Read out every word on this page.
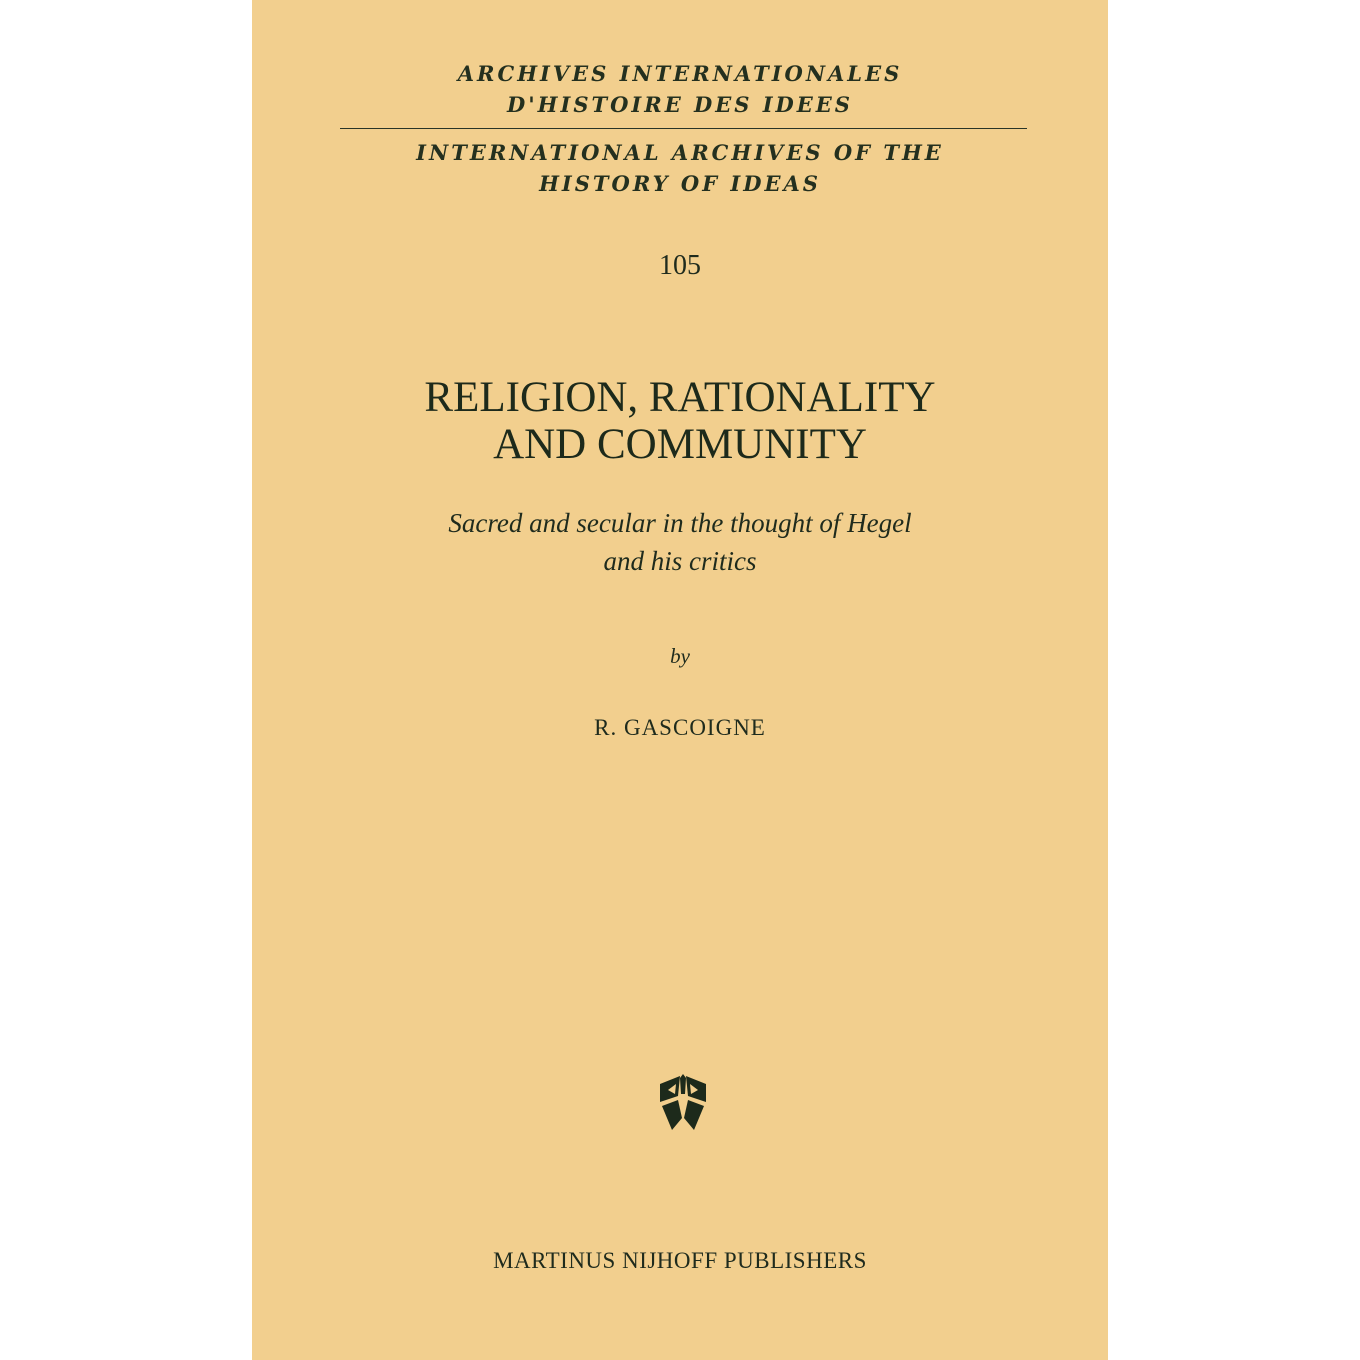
ARCHIVES INTERNATIONALES
D'HISTOIRE DES IDEES
INTERNATIONAL ARCHIVES OF THE
HISTORY OF IDEAS
105
RELIGION, RATIONALITY
AND COMMUNITY
Sacred and secular in the thought of Hegel
and his critics
by
R. GASCOIGNE
MARTINUS NIJHOFF PUBLISHERS
